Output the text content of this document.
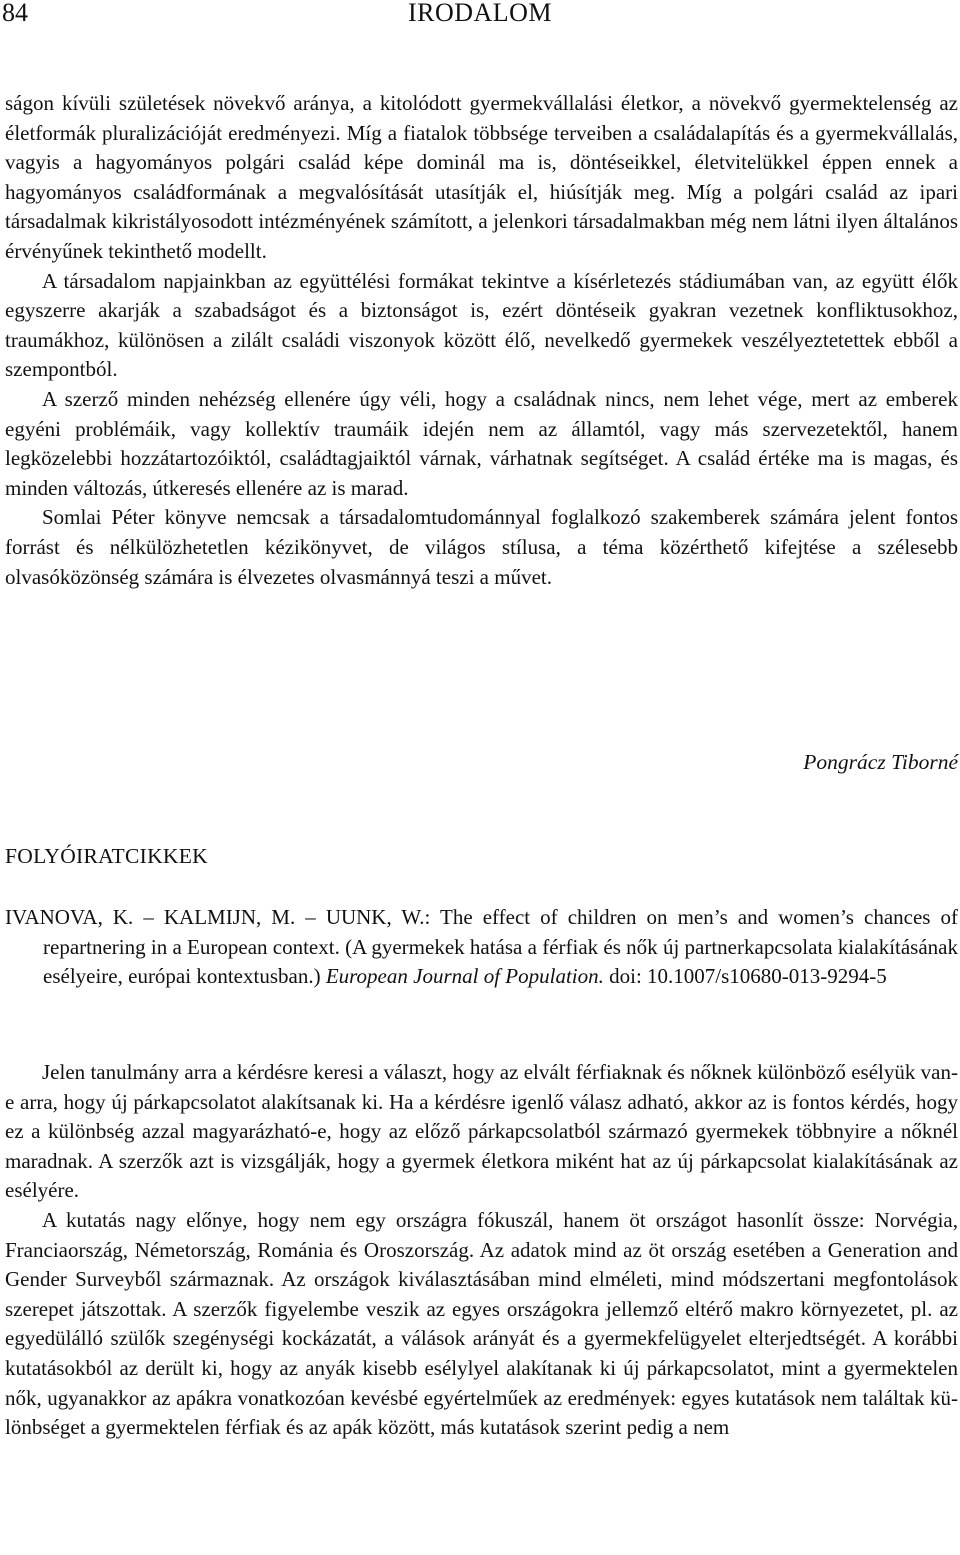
84	IRODALOM

ságon kívüli születések növekvő aránya, a kitolódott gyermekvállalási életkor, a növekvő gyermektelenség az életformák pluralizációját eredményezi. Míg a fiatalok többsége terveiben a családalapítás és a gyermekvállalás, vagyis a hagyományos polgári család képe dominál ma is, döntéseikkel, életvitelükkel éppen ennek a hagyományos családformának a megvalósítását utasítják el, hiúsítják meg. Míg a polgári család az ipari társadalmak kikristályosodott intézményének számított, a jelenkori társadalmakban még nem látni ilyen általános érvényűnek tekinthető modellt.

A társadalom napjainkban az együttélési formákat tekintve a kísérletezés stádiumában van, az együtt élők egyszerre akarják a szabadságot és a biztonságot is, ezért döntéseik gyakran vezetnek konfliktusokhoz, traumákhoz, különösen a zilált családi viszonyok között élő, nevelkedő gyermekek veszélyeztetettek ebből a szempontból.

A szerző minden nehézség ellenére úgy véli, hogy a családnak nincs, nem lehet vége, mert az emberek egyéni problémáik, vagy kollektív traumáik idején nem az államtól, vagy más szervezetektől, hanem legközelebbi hozzátartozóiktól, családtagjaiktól várnak, várhatnak segítséget. A család értéke ma is magas, és minden változás, útkeresés ellenére az is marad.

Somlai Péter könyve nemcsak a társadalomtudománnyal foglalkozó szakemberek számára jelent fontos forrást és nélkülözhetetlen kézikönyvet, de világos stílusa, a téma közérthető kifejtése a szélesebb olvasóközönség számára is élvezetes olvasmánnyá teszi a művet.

Pongrácz Tiborné
FOLYÓIRATCIKKEK

IVANOVA, K. – KALMIJN, M. – UUNK, W.: The effect of children on men’s and women’s chances of repartnering in a European context. (A gyermekek hatása a férfiak és nők új partnerkapcsolata kialakításának esélyeire, európai kontextusban.) European Journal of Population. doi: 10.1007/s10680-013-9294-5

Jelen tanulmány arra a kérdésre keresi a választ, hogy az elvált férfiaknak és nőknek különböző esélyük van-e arra, hogy új párkapcsolatot alakítsanak ki. Ha a kérdésre igenlő válasz adható, akkor az is fontos kérdés, hogy ez a különbség azzal magyarázható-e, hogy az előző párkapcsolatból származó gyermekek többnyire a nőknél maradnak. A szerzők azt is vizsgálják, hogy a gyermek életkora miként hat az új párkapcsolat kialakításának az esélyére.

A kutatás nagy előnye, hogy nem egy országra fókuszál, hanem öt országot hasonlít össze: Norvégia, Franciaország, Németország, Románia és Oroszország. Az adatok mind az öt ország esetében a Generation and Gender Surveyből származnak. Az országok kiválasztásában mind elméleti, mind módszertani megfontolások szerepet játszottak. A szerzők figyelembe veszik az egyes országokra jellemző eltérő makro környezetet, pl. az egyedülálló szülők szegénységi kockázatát, a válások arányát és a gyermekfelügyelet elterjedtségét. A korábbi kutatásokból az derült ki, hogy az anyák kisebb esélylyel alakítanak ki új párkapcsolatot, mint a gyermektelen nők, ugyanakkor az apákra vonatkozóan kevésbé egyértelműek az eredmények: egyes kutatások nem találtak különbséget a gyermektelen férfiak és az apák között, más kutatások szerint pedig a nem
